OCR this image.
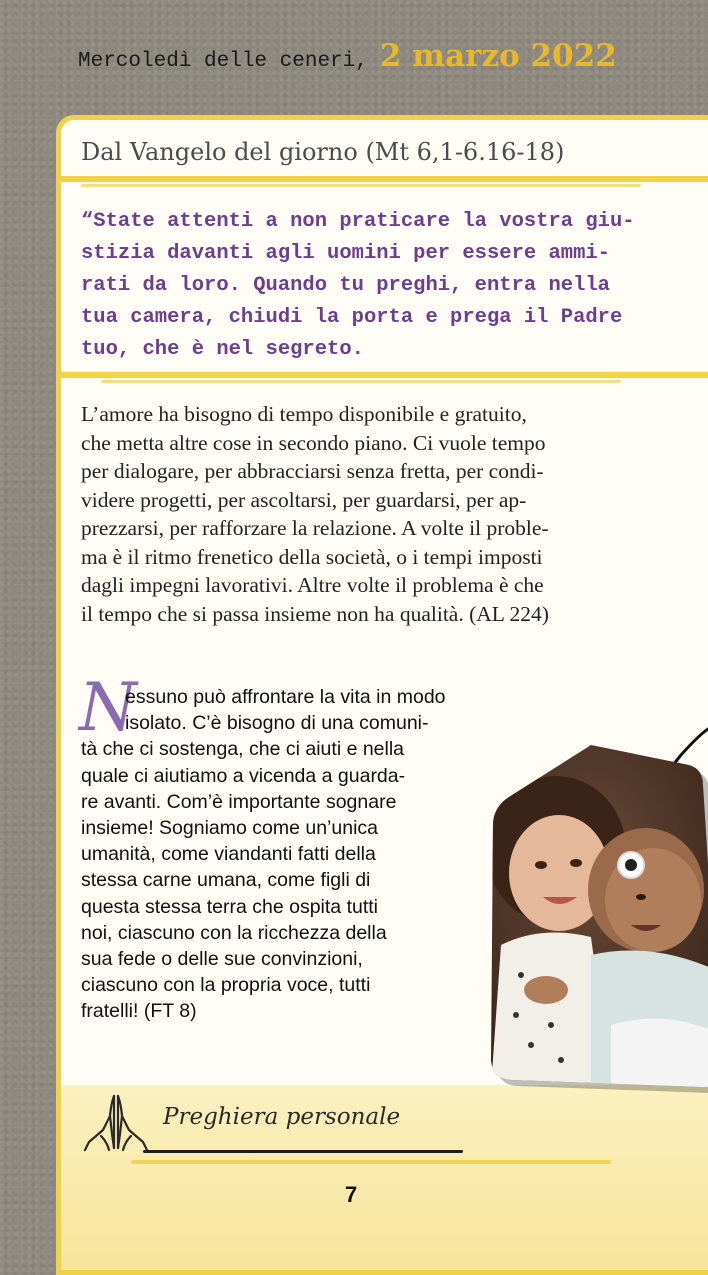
Mercoledì delle ceneri, 2 marzo 2022
Dal Vangelo del giorno (Mt 6,1-6.16-18)
“State attenti a non praticare la vostra giu-
stizia davanti agli uomini per essere ammi-
rati da loro. Quando tu preghi, entra nella
tua camera, chiudi la porta e prega il Padre
tuo, che è nel segreto.
L’amore ha bisogno di tempo disponibile e gratuito,
che metta altre cose in secondo piano. Ci vuole tempo
per dialogare, per abbracciarsi senza fretta, per condi-
videre progetti, per ascoltarsi, per guardarsi, per ap-
prezzarsi, per rafforzare la relazione. A volte il proble-
ma è il ritmo frenetico della società, o i tempi imposti
dagli impegni lavorativi. Altre volte il problema è che
il tempo che si passa insieme non ha qualità. (AL 224)
N
essuno può affrontare la vita in modo
isolato. C’è bisogno di una comuni-
tà che ci sostenga, che ci aiuti e nella
quale ci aiutiamo a vicenda a guarda-
re avanti. Com’è importante sognare
insieme! Sogniamo come un’unica
umanità, come viandanti fatti della
stessa carne umana, come figli di
questa stessa terra che ospita tutti
noi, ciascuno con la ricchezza della
sua fede o delle sue convinzioni,
ciascuno con la propria voce, tutti
fratelli! (FT 8)
Preghiera personale
7
